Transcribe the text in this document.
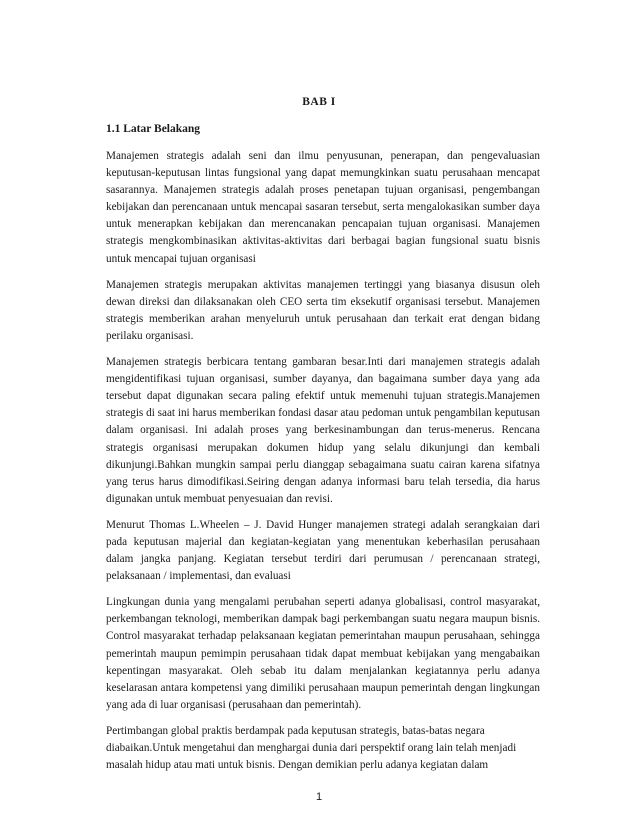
BAB I
1.1 Latar Belakang

Manajemen strategis adalah seni dan ilmu penyusunan, penerapan, dan pengevaluasian keputusan-keputusan lintas fungsional yang dapat memungkinkan suatu perusahaan mencapat sasarannya. Manajemen strategis adalah proses penetapan tujuan organisasi, pengembangan kebijakan dan perencanaan untuk mencapai sasaran tersebut, serta mengalokasikan sumber daya untuk menerapkan kebijakan dan merencanakan pencapaian tujuan organisasi. Manajemen strategis mengkombinasikan aktivitas-aktivitas dari berbagai bagian fungsional suatu bisnis untuk mencapai tujuan organisasi

Manajemen strategis merupakan aktivitas manajemen tertinggi yang biasanya disusun oleh dewan direksi dan dilaksanakan oleh CEO serta tim eksekutif organisasi tersebut. Manajemen strategis memberikan arahan menyeluruh untuk perusahaan dan terkait erat dengan bidang perilaku organisasi.

Manajemen strategis berbicara tentang gambaran besar.Inti dari manajemen strategis adalah mengidentifikasi tujuan organisasi, sumber dayanya, dan bagaimana sumber daya yang ada tersebut dapat digunakan secara paling efektif untuk memenuhi tujuan strategis.Manajemen strategis di saat ini harus memberikan fondasi dasar atau pedoman untuk pengambilan keputusan dalam organisasi. Ini adalah proses yang berkesinambungan dan terus-menerus. Rencana strategis organisasi merupakan dokumen hidup yang selalu dikunjungi dan kembali dikunjungi.Bahkan mungkin sampai perlu dianggap sebagaimana suatu cairan karena sifatnya yang terus harus dimodifikasi.Seiring dengan adanya informasi baru telah tersedia, dia harus digunakan untuk membuat penyesuaian dan revisi.

Menurut Thomas L.Wheelen – J. David Hunger manajemen strategi adalah serangkaian dari pada keputusan majerial dan kegiatan-kegiatan yang menentukan keberhasilan perusahaan dalam jangka panjang. Kegiatan tersebut terdiri dari perumusan / perencanaan strategi, pelaksanaan / implementasi, dan evaluasi

Lingkungan dunia yang mengalami perubahan seperti adanya globalisasi, control masyarakat, perkembangan teknologi, memberikan dampak bagi perkembangan suatu negara maupun bisnis. Control masyarakat terhadap pelaksanaan kegiatan pemerintahan maupun perusahaan, sehingga pemerintah maupun pemimpin perusahaan tidak dapat membuat kebijakan yang mengabaikan kepentingan masyarakat. Oleh sebab itu dalam menjalankan kegiatannya perlu adanya keselarasan antara kompetensi yang dimiliki perusahaan maupun pemerintah dengan lingkungan yang ada di luar organisasi (perusahaan dan pemerintah).

Pertimbangan global praktis berdampak pada keputusan strategis, batas-batas negara diabaikan.Untuk mengetahui dan menghargai dunia dari perspektif orang lain telah menjadi masalah hidup atau mati untuk bisnis. Dengan demikian perlu adanya kegiatan dalam

1
